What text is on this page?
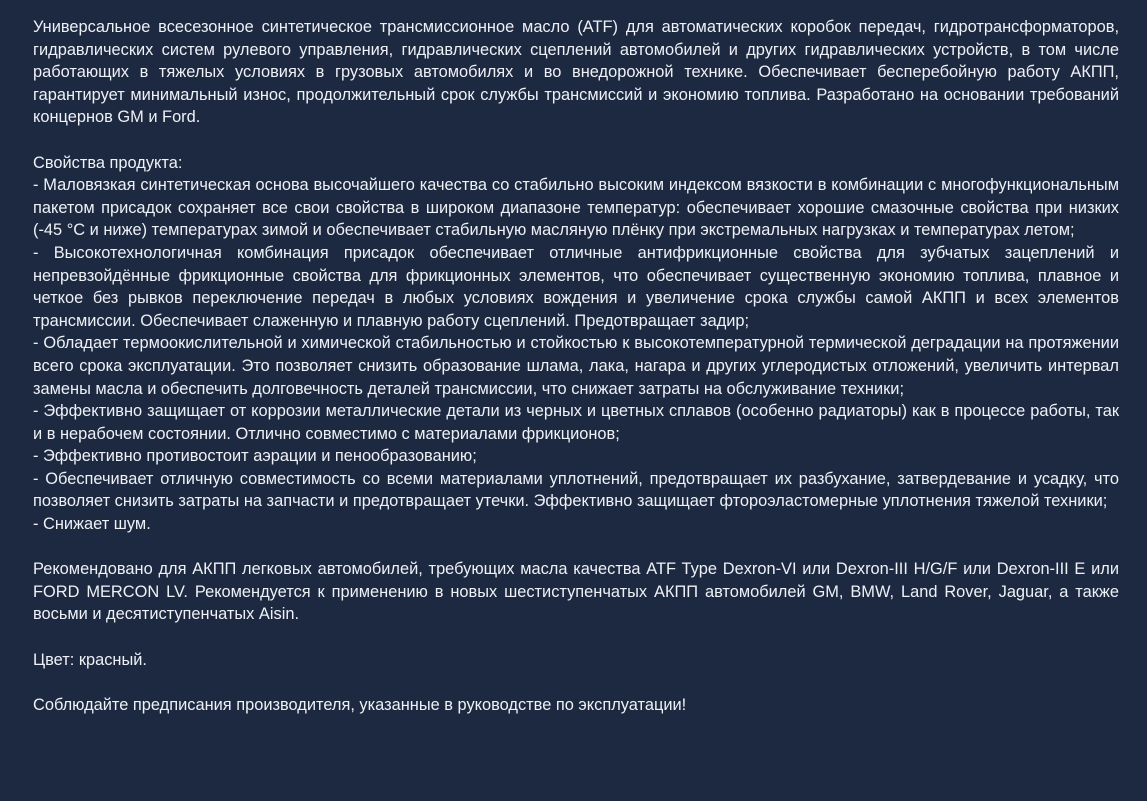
Универсальное всесезонное синтетическое трансмиссионное масло (ATF) для автоматических коробок передач, гидротрансформаторов, гидравлических систем рулевого управления, гидравлических сцеплений автомобилей и других гидравлических устройств, в том числе работающих в тяжелых условиях в грузовых автомобилях и во внедорожной технике. Обеспечивает бесперебойную работу АКПП, гарантирует минимальный износ, продолжительный срок службы трансмиссий и экономию топлива. Разработано на основании требований концернов GM и Ford.

Свойства продукта:

- Маловязкая синтетическая основа высочайшего качества со стабильно высоким индексом вязкости в комбинации с многофункциональным пакетом присадок сохраняет все свои свойства в широком диапазоне температур: обеспечивает хорошие смазочные свойства при низких (-45 °С и ниже) температурах зимой и обеспечивает стабильную масляную плёнку при экстремальных нагрузках и температурах летом;

- Высокотехнологичная комбинация присадок обеспечивает отличные антифрикционные свойства для зубчатых зацеплений и непревзойдённые фрикционные свойства для фрикционных элементов, что обеспечивает существенную экономию топлива, плавное и четкое без рывков переключение передач в любых условиях вождения и увеличение срока службы самой АКПП и всех элементов трансмиссии. Обеспечивает слаженную и плавную работу сцеплений. Предотвращает задир;

- Обладает термоокислительной и химической стабильностью и стойкостью к высокотемпературной термической деградации на протяжении всего срока эксплуатации. Это позволяет снизить образование шлама, лака, нагара и других углеродистых отложений, увеличить интервал замены масла и обеспечить долговечность деталей трансмиссии, что снижает затраты на обслуживание техники;

- Эффективно защищает от коррозии металлические детали из черных и цветных сплавов (особенно радиаторы) как в процессе работы, так и в нерабочем состоянии. Отлично совместимо с материалами фрикционов;

- Эффективно противостоит аэрации и пенообразованию;

- Обеспечивает отличную совместимость со всеми материалами уплотнений, предотвращает их разбухание, затвердевание и усадку, что позволяет снизить затраты на запчасти и предотвращает утечки. Эффективно защищает фтороэластомерные уплотнения тяжелой техники;

- Снижает шум.

Рекомендовано для АКПП легковых автомобилей, требующих масла качества ATF Type Dexron-VI или Dexron-III H/G/F или Dexron-III E или FORD MERCON LV. Рекомендуется к применению в новых шестиступенчатых АКПП автомобилей GM, BMW, Land Rover, Jaguar, а также восьми и десятиступенчатых Aisin.

Цвет: красный.

Соблюдайте предписания производителя, указанные в руководстве по эксплуатации!
